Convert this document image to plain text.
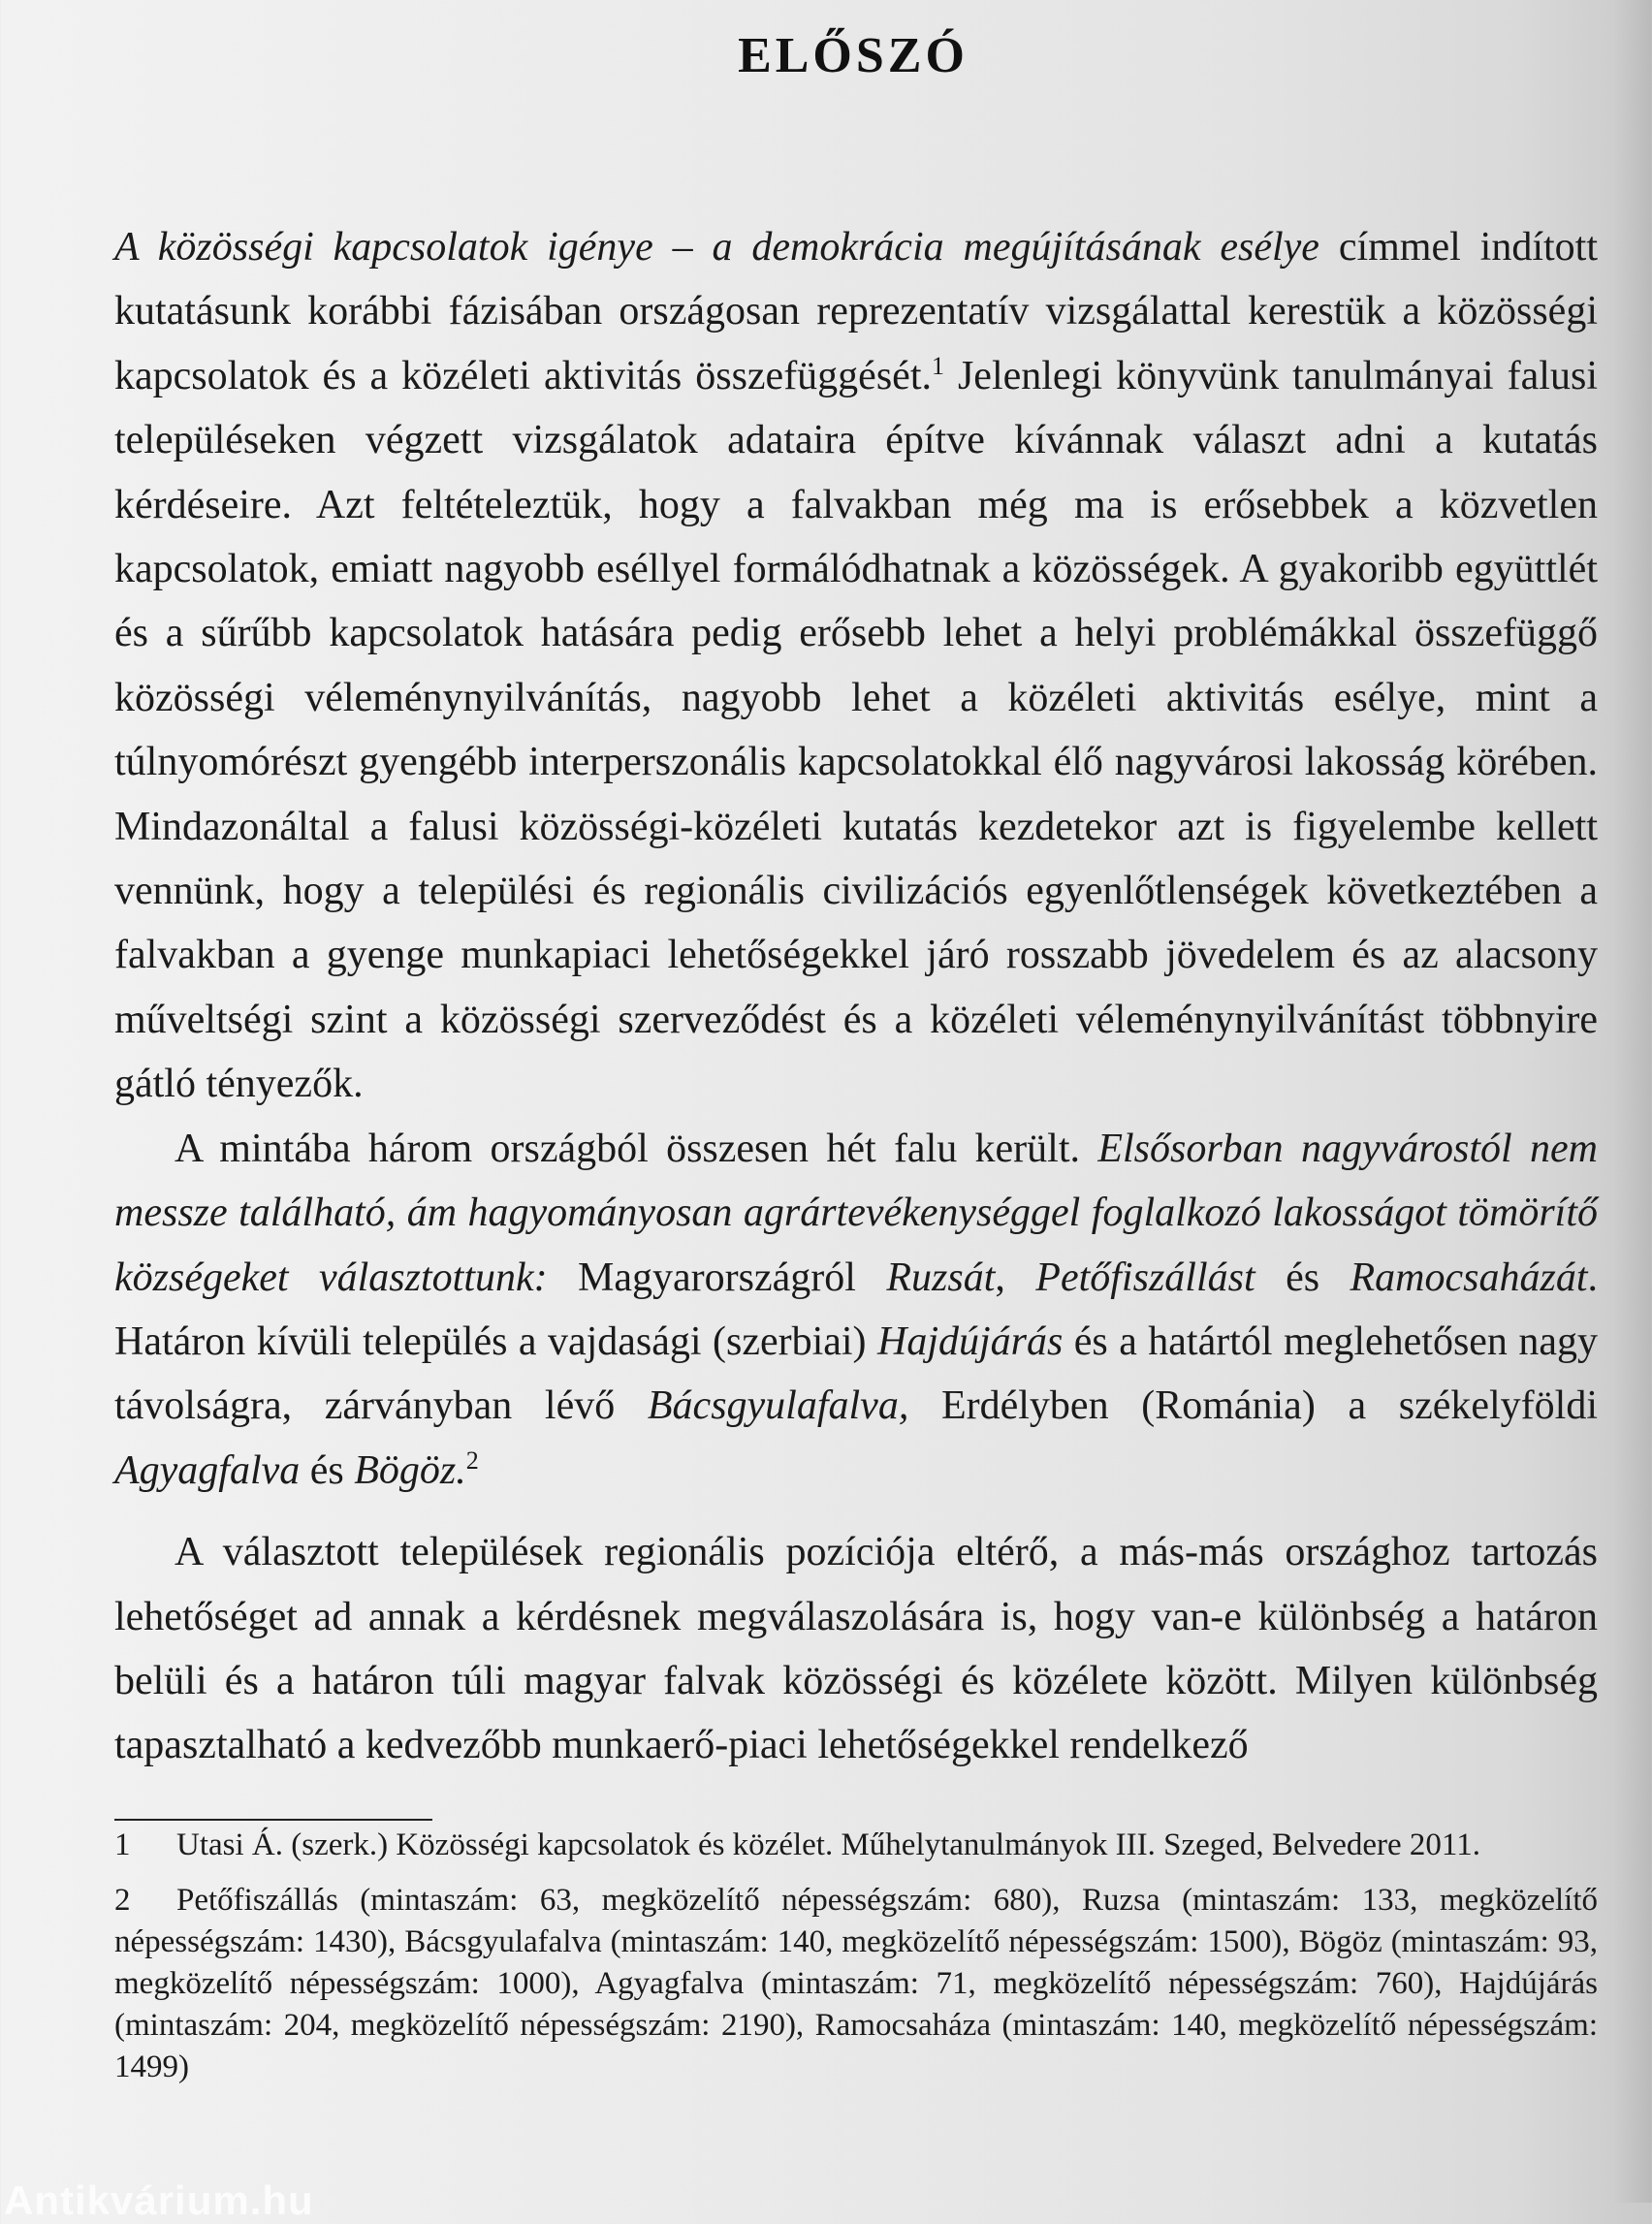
ELŐSZÓ

A közösségi kapcsolatok igénye – a demokrácia megújításának esélye címmel indított kutatásunk korábbi fázisában országosan reprezentatív vizsgálattal kerestük a közösségi kapcsolatok és a közéleti aktivitás összefüggését.$^1$ Jelenlegi könyvünk tanulmányai falusi településeken végzett vizsgálatok adataira építve kívánnak választ adni a kutatás kérdéseire. Azt feltételeztük, hogy a falvakban még ma is erősebbek a közvetlen kapcsolatok, emiatt nagyobb eséllyel formálódhatnak a közösségek. A gyakoribb együttlét és a sűrűbb kapcsolatok hatására pedig erősebb lehet a helyi problémákkal összefüggő közösségi véleménynyilvánítás, nagyobb lehet a közéleti aktivitás esélye, mint a túlnyomórészt gyengébb interperszonális kapcsolatokkal élő nagyvárosi lakosság körében. Mindazonáltal a falusi közösségi-közéleti kutatás kezdetekor azt is figyelembe kellett vennünk, hogy a települési és regionális civilizációs egyenlőtlenségek következtében a falvakban a gyenge munkapiaci lehetőségekkel járó rosszabb jövedelem és az alacsony műveltségi szint a közösségi szerveződést és a közéleti véleménynyilvánítást többnyire gátló tényezők.

A mintába három országból összesen hét falu került. Elsősorban nagyvárostól nem messze található, ám hagyományosan agrártevékenységgel foglalkozó lakosságot tömörítő községeket választottunk: Magyarországról Ruzsát, Petőfiszállást és Ramocsaházát. Határon kívüli település a vajdasági (szerbiai) Hajdújárás és a határtól meglehetősen nagy távolságra, zárványban lévő Bácsgyulafalva, Erdélyben (Románia) a székelyföldi Agyagfalva és Bögöz.$^2$

A választott települések regionális pozíciója eltérő, a más-más országhoz tartozás lehetőséget ad annak a kérdésnek megválaszolására is, hogy van-e különbség a határon belüli és a határon túli magyar falvak közösségi és közélete között. Milyen különbség tapasztalható a kedvezőbb munkaerő-piaci lehetőségekkel rendelkező

1 Utasi Á. (szerk.) Közösségi kapcsolatok és közélet. Műhelytanulmányok III. Szeged, Belvedere 2011.

2 Petőfiszállás (mintaszám: 63, megközelítő népességszám: 680), Ruzsa (mintaszám: 133, megközelítő népességszám: 1430), Bácsgyulafalva (mintaszám: 140, megközelítő népességszám: 1500), Bögöz (mintaszám: 93, megközelítő népességszám: 1000), Agyagfalva (mintaszám: 71, megközelítő népességszám: 760), Hajdújárás (mintaszám: 204, megközelítő népességszám: 2190), Ramocsaháza (mintaszám: 140, megközelítő népességszám: 1499)

Antikvárium.hu
